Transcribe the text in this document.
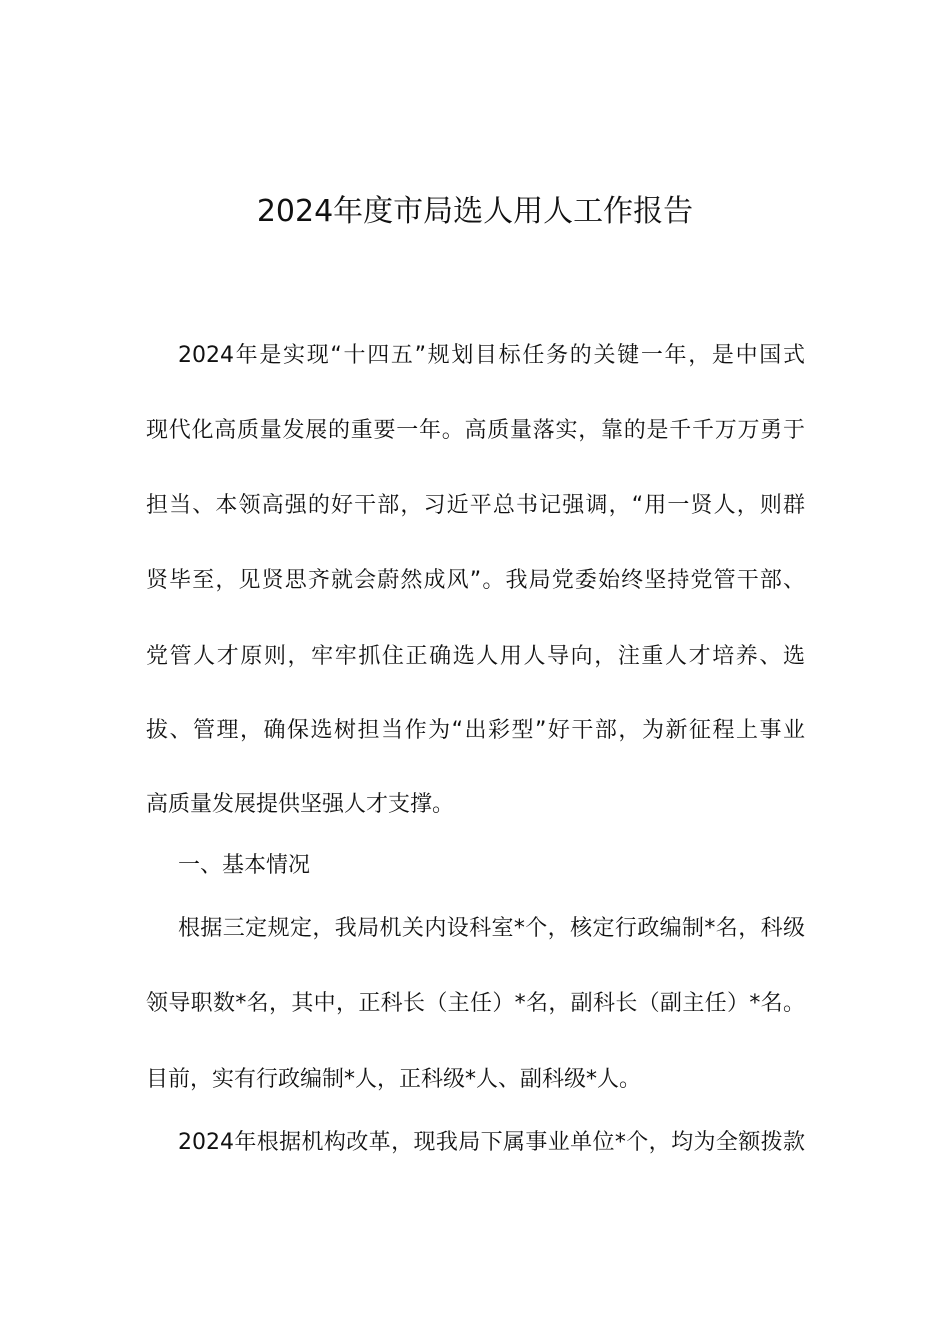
2024年度市局选人用人工作报告
2024年是实现“十四五”规划目标任务的关键一年，是中国式
现代化高质量发展的重要一年。高质量落实，靠的是千千万万勇于
担当、本领高强的好干部，习近平总书记强调，“用一贤人，则群
贤毕至，见贤思齐就会蔚然成风”。我局党委始终坚持党管干部、
党管人才原则，牢牢抓住正确选人用人导向，注重人才培养、选
拔、管理，确保选树担当作为“出彩型”好干部，为新征程上事业
高质量发展提供坚强人才支撑。
一、基本情况
根据三定规定，我局机关内设科室*个，核定行政编制*名，科级
领导职数*名，其中，正科长（主任）*名，副科长（副主任）*名。
目前，实有行政编制*人，正科级*人、副科级*人。
2024年根据机构改革，现我局下属事业单位*个，均为全额拨款
